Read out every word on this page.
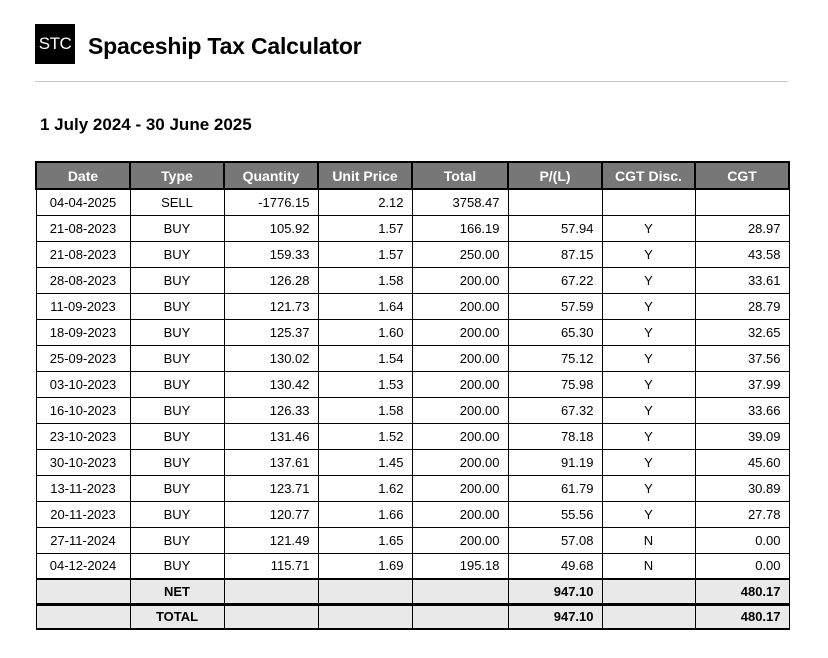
STC Spaceship Tax Calculator
1 July 2024 - 30 June 2025
Date	Type	Quantity	Unit Price	Total	P/(L)	CGT Disc.	CGT
04-04-2025	SELL	-1776.15	2.12	3758.47			
21-08-2023	BUY	105.92	1.57	166.19	57.94	Y	28.97
21-08-2023	BUY	159.33	1.57	250.00	87.15	Y	43.58
28-08-2023	BUY	126.28	1.58	200.00	67.22	Y	33.61
11-09-2023	BUY	121.73	1.64	200.00	57.59	Y	28.79
18-09-2023	BUY	125.37	1.60	200.00	65.30	Y	32.65
25-09-2023	BUY	130.02	1.54	200.00	75.12	Y	37.56
03-10-2023	BUY	130.42	1.53	200.00	75.98	Y	37.99
16-10-2023	BUY	126.33	1.58	200.00	67.32	Y	33.66
23-10-2023	BUY	131.46	1.52	200.00	78.18	Y	39.09
30-10-2023	BUY	137.61	1.45	200.00	91.19	Y	45.60
13-11-2023	BUY	123.71	1.62	200.00	61.79	Y	30.89
20-11-2023	BUY	120.77	1.66	200.00	55.56	Y	27.78
27-11-2024	BUY	121.49	1.65	200.00	57.08	N	0.00
04-12-2024	BUY	115.71	1.69	195.18	49.68	N	0.00
	NET				947.10		480.17
	TOTAL				947.10		480.17
